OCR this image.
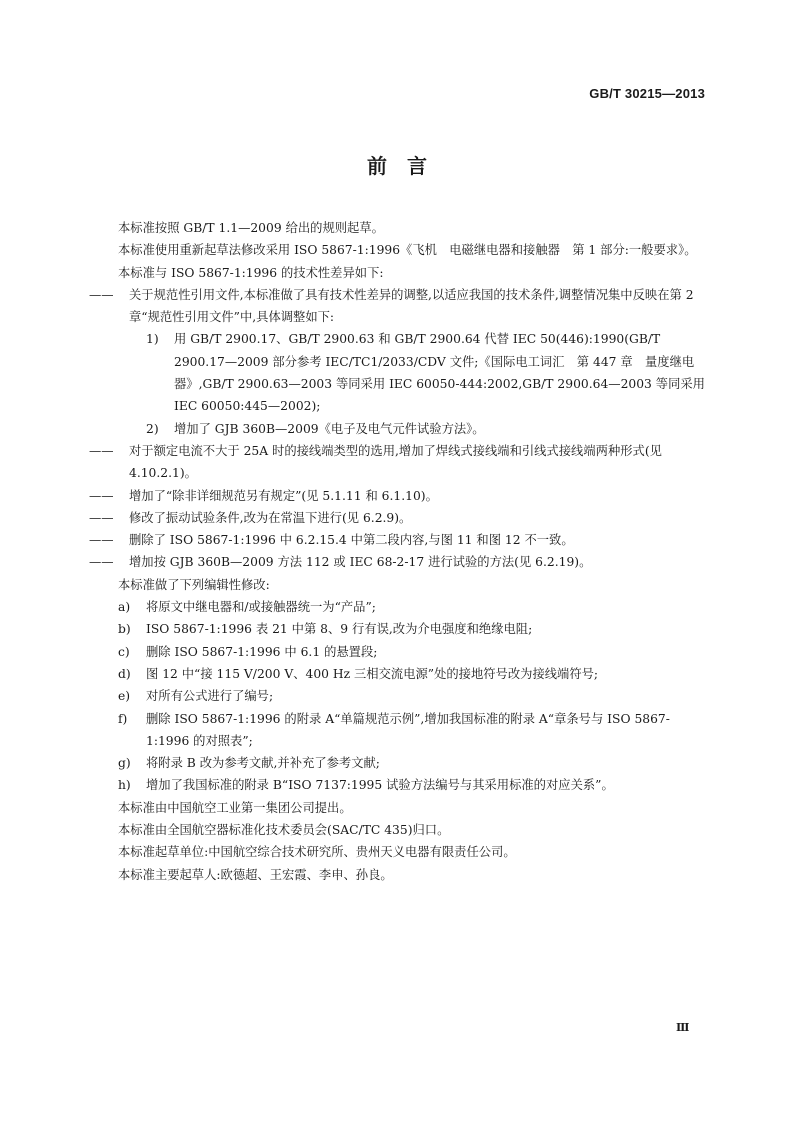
GB/T 30215—2013
前　言

本标准按照 GB/T 1.1—2009 给出的规则起草。

本标准使用重新起草法修改采用 ISO 5867-1:1996《飞机　电磁继电器和接触器　第 1 部分:一般要求》。

本标准与 ISO 5867-1:1996 的技术性差异如下:

—— 关于规范性引用文件,本标准做了具有技术性差异的调整,以适应我国的技术条件,调整情况集中反映在第 2 章“规范性引用文件”中,具体调整如下:
1) 用 GB/T 2900.17、GB/T 2900.63 和 GB/T 2900.64 代替 IEC 50(446):1990(GB/T 2900.17—2009 部分参考 IEC/TC1/2033/CDV 文件;《国际电工词汇　第 447 章　量度继电器》,GB/T 2900.63—2003 等同采用 IEC 60050-444:2002,GB/T 2900.64—2003 等同采用 IEC 60050:445—2002);
2) 增加了 GJB 360B—2009《电子及电气元件试验方法》。
—— 对于额定电流不大于 25A 时的接线端类型的选用,增加了焊线式接线端和引线式接线端两种形式(见 4.10.2.1)。
—— 增加了“除非详细规范另有规定”(见 5.1.11 和 6.1.10)。
—— 修改了振动试验条件,改为在常温下进行(见 6.2.9)。
—— 删除了 ISO 5867-1:1996 中 6.2.15.4 中第二段内容,与图 11 和图 12 不一致。
—— 增加按 GJB 360B—2009 方法 112 或 IEC 68-2-17 进行试验的方法(见 6.2.19)。

本标准做了下列编辑性修改:

a) 将原文中继电器和/或接触器统一为“产品”;
b) ISO 5867-1:1996 表 21 中第 8、9 行有误,改为介电强度和绝缘电阻;
c) 删除 ISO 5867-1:1996 中 6.1 的悬置段;
d) 图 12 中“接 115 V/200 V、400 Hz 三相交流电源”处的接地符号改为接线端符号;
e) 对所有公式进行了编号;
f) 删除 ISO 5867-1:1996 的附录 A“单篇规范示例”,增加我国标准的附录 A“章条号与 ISO 5867-1:1996 的对照表”;
g) 将附录 B 改为参考文献,并补充了参考文献;
h) 增加了我国标准的附录 B“ISO 7137:1995 试验方法编号与其采用标准的对应关系”。

本标准由中国航空工业第一集团公司提出。

本标准由全国航空器标准化技术委员会(SAC/TC 435)归口。

本标准起草单位:中国航空综合技术研究所、贵州天义电器有限责任公司。

本标准主要起草人:欧德超、王宏霞、李申、孙良。

Ⅲ
